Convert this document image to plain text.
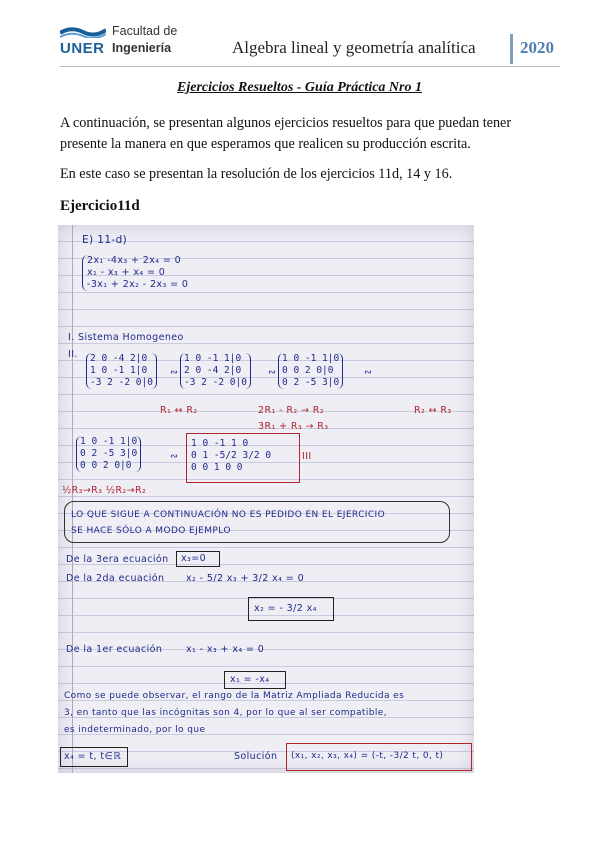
UNER
Facultad de
Ingeniería	Algebra lineal y geometría analítica	2020
Ejercicios Resueltos - Guía Práctica Nro 1
A continuación, se presentan algunos ejercicios resueltos para que puedan tener presente la manera en que esperamos que realicen su producción escrita.
En este caso se presentan la resolución de los ejercicios 11d, 14 y 16.
Ejercicio11d
E) 11-d)
2x₁ -4x₃ + 2x₄ = 0
x₁ - x₃ + x₄ = 0
-3x₁ + 2x₂ - 2x₃ = 0
I. Sistema Homogeneo
II.	2 0 -4 2|0
1 0 -1 1|0
-3 2 -2 0|0
∾
1 0 -1 1|0
2 0 -4 2|0
-3 2 -2 0|0
∾
1 0 -1 1|0
0 0 2 0|0
0 2 -5 3|0
∾
R₁ ↔ R₂	2R₁ - R₂ → R₂
3R₁ + R₃ → R₃
R₂ ↔ R₃
1 0 -1 1|0
0 2 -5 3|0
0 0 2 0|0
∾
1 0 -1 1 0
0 1 -5/2 3/2 0
0 0 1 0 0
III
½R₃→R₃ ½R₂→R₂
LO QUE SIGUE A CONTINUACIÓN NO ES PEDIDO EN EL EJERCICIO
SE HACE SÓLO A MODO EJEMPLO
De la 3era ecuación x₃=0
De la 2da ecuación x₂ - 5/2 x₃ + 3/2 x₄ = 0
x₂ = - 3/2 x₄
De la 1er ecuación x₁ - x₃ + x₄ = 0
x₁ = -x₄
Como se puede observar, el rango de la Matriz Ampliada Reducida es
3, en tanto que las incógnitas son 4, por lo que al ser compatible,
es indeterminado, por lo que
x₄ = t, t∈ℝ	Solución (x₁, x₂, x₃, x₄) = (-t, -3/2 t, 0, t)
